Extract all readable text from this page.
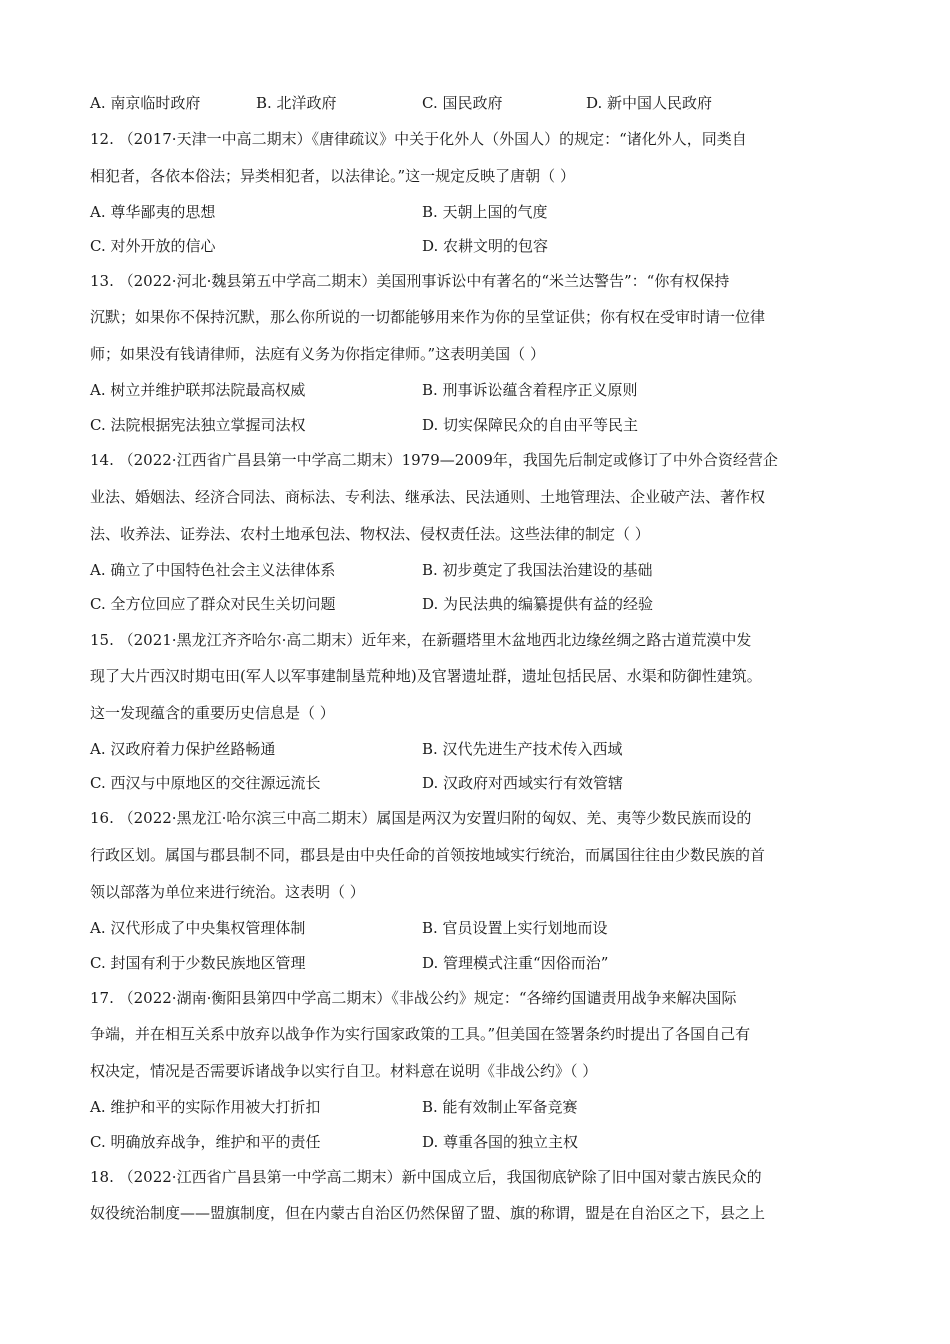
A. 南京临时政府	B. 北洋政府	C. 国民政府	D. 新中国人民政府
12. （2017·天津一中高二期末）《唐律疏议》中关于化外人（外国人）的规定：“诸化外人，同类自
相犯者，各依本俗法；异类相犯者，以法律论。”这一规定反映了唐朝（ ）
A. 尊华鄙夷的思想	B. 天朝上国的气度
C. 对外开放的信心	D. 农耕文明的包容
13. （2022·河北·魏县第五中学高二期末）美国刑事诉讼中有著名的“米兰达警告”：“你有权保持
沉默；如果你不保持沉默，那么你所说的一切都能够用来作为你的呈堂证供；你有权在受审时请一位律
师；如果没有钱请律师，法庭有义务为你指定律师。”这表明美国（ ）
A. 树立并维护联邦法院最高权威	B. 刑事诉讼蕴含着程序正义原则
C. 法院根据宪法独立掌握司法权	D. 切实保障民众的自由平等民主
14. （2022·江西省广昌县第一中学高二期末）1979—2009年，我国先后制定或修订了中外合资经营企
业法、婚姻法、经济合同法、商标法、专利法、继承法、民法通则、土地管理法、企业破产法、著作权
法、收养法、证券法、农村土地承包法、物权法、侵权责任法。这些法律的制定（ ）
A. 确立了中国特色社会主义法律体系	B. 初步奠定了我国法治建设的基础
C. 全方位回应了群众对民生关切问题	D. 为民法典的编纂提供有益的经验
15. （2021·黑龙江齐齐哈尔·高二期末）近年来，在新疆塔里木盆地西北边缘丝绸之路古道荒漠中发
现了大片西汉时期屯田(军人以军事建制垦荒种地)及官署遗址群，遗址包括民居、水渠和防御性建筑。
这一发现蕴含的重要历史信息是（ ）
A. 汉政府着力保护丝路畅通	B. 汉代先进生产技术传入西域
C. 西汉与中原地区的交往源远流长	D. 汉政府对西域实行有效管辖
16. （2022·黑龙江·哈尔滨三中高二期末）属国是两汉为安置归附的匈奴、羌、夷等少数民族而设的
行政区划。属国与郡县制不同，郡县是由中央任命的首领按地域实行统治，而属国往往由少数民族的首
领以部落为单位来进行统治。这表明（ ）
A. 汉代形成了中央集权管理体制	B. 官员设置上实行划地而设
C. 封国有利于少数民族地区管理	D. 管理模式注重“因俗而治”
17. （2022·湖南·衡阳县第四中学高二期末）《非战公约》规定：“各缔约国谴责用战争来解决国际
争端，并在相互关系中放弃以战争作为实行国家政策的工具。”但美国在签署条约时提出了各国自己有
权决定，情况是否需要诉诸战争以实行自卫。材料意在说明《非战公约》（ ）
A. 维护和平的实际作用被大打折扣	B. 能有效制止军备竞赛
C. 明确放弃战争，维护和平的责任	D. 尊重各国的独立主权
18. （2022·江西省广昌县第一中学高二期末）新中国成立后，我国彻底铲除了旧中国对蒙古族民众的
奴役统治制度——盟旗制度，但在内蒙古自治区仍然保留了盟、旗的称谓，盟是在自治区之下，县之上
